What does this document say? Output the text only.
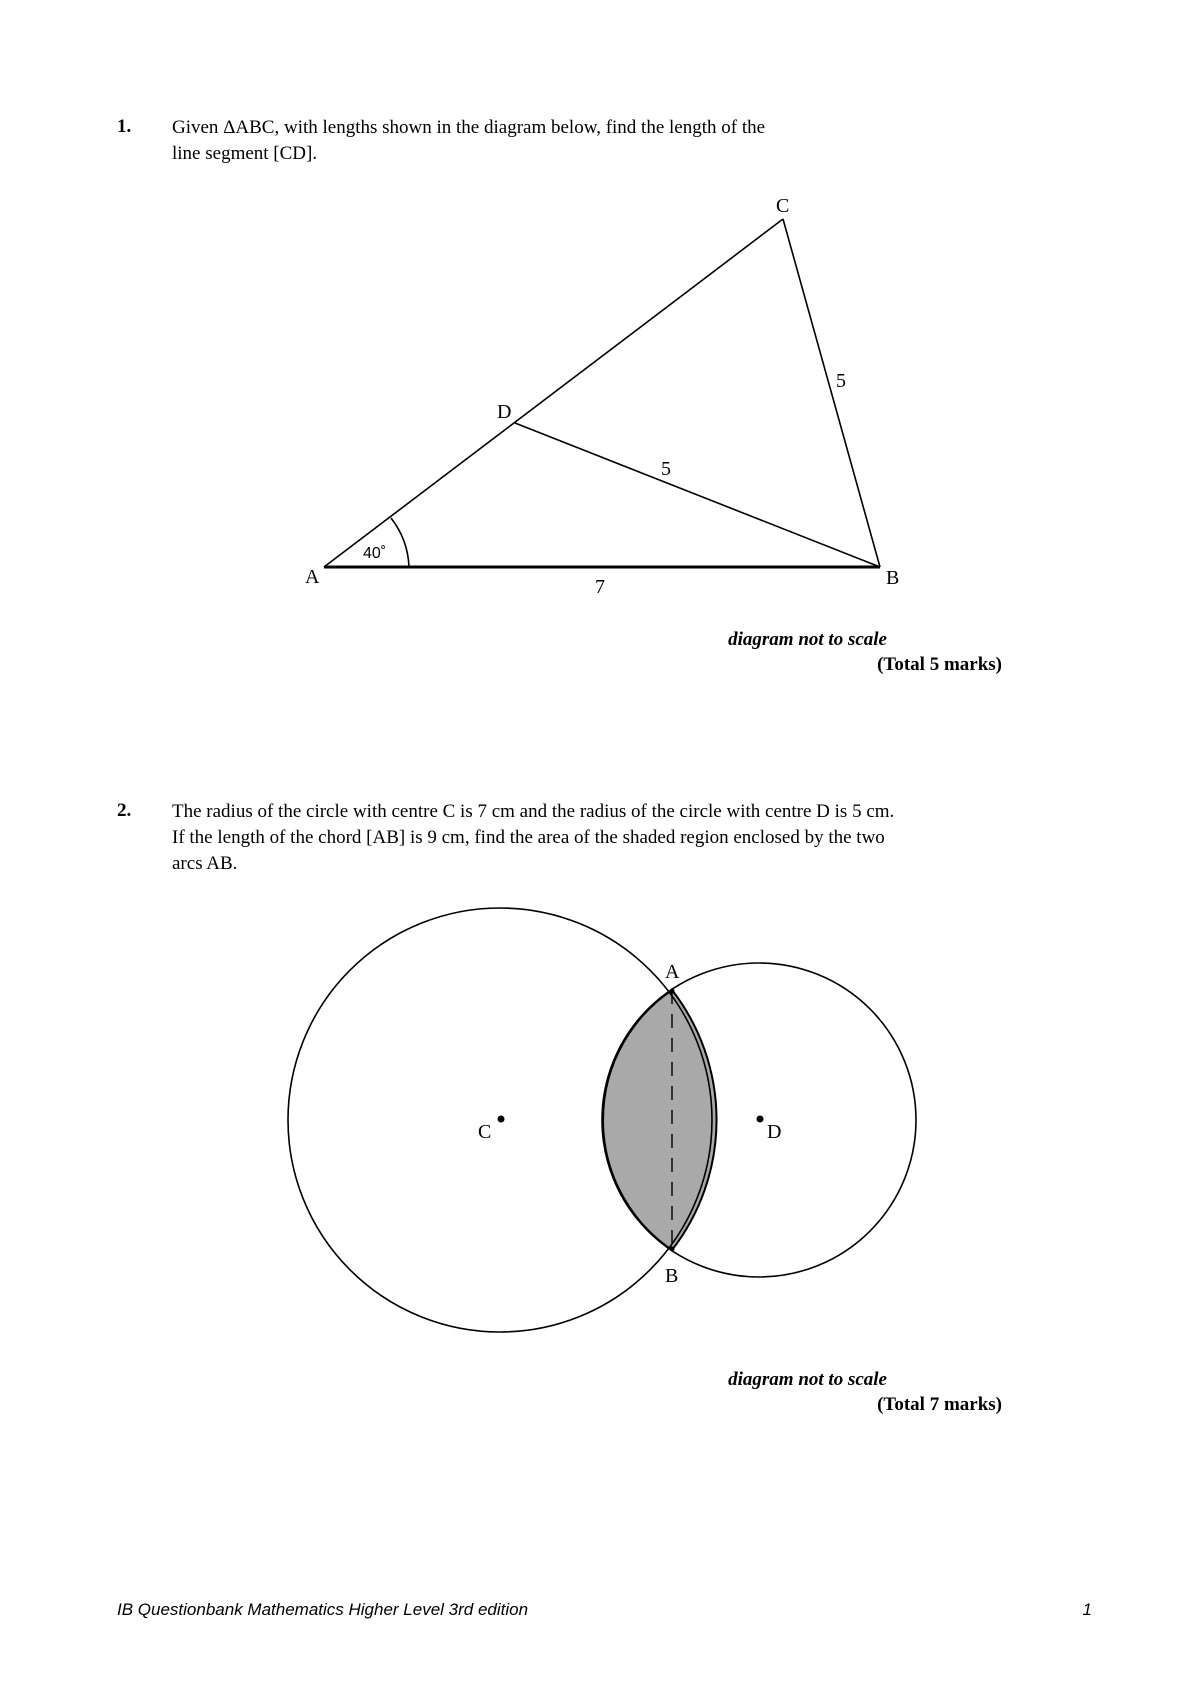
1. Given ΔABC, with lengths shown in the diagram below, find the length of the
line segment [CD].
A	B
C
D
40˚
7
5
5
diagram not to scale
(Total 5 marks)
2. The radius of the circle with centre C is 7 cm and the radius of the circle with centre D is 5 cm.
If the length of the chord [AB] is 9 cm, find the area of the shaded region enclosed by the two
arcs AB.
A
B
C	D
diagram not to scale
(Total 7 marks)
IB Questionbank Mathematics Higher Level 3rd edition	1
